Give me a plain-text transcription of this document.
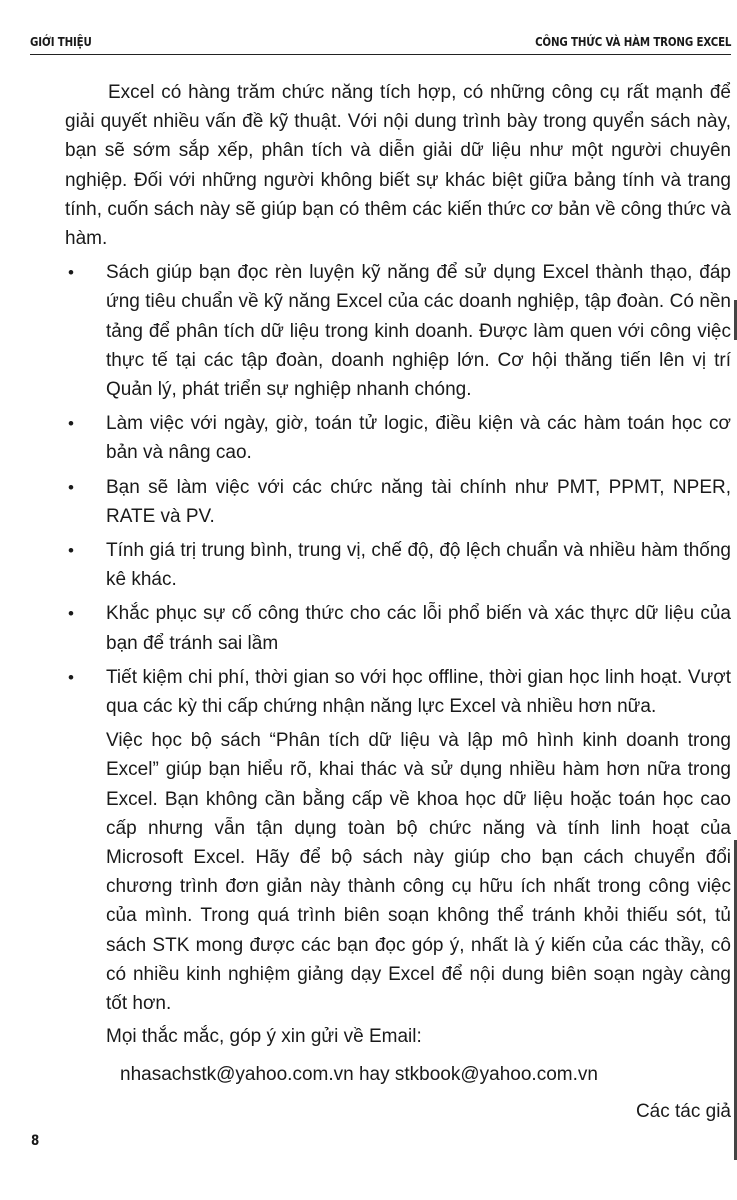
GIỚI THIỆU	CÔNG THỨC VÀ HÀM TRONG EXCEL

Excel có hàng trăm chức năng tích hợp, có những công cụ rất mạnh để giải quyết nhiều vấn đề kỹ thuật. Với nội dung trình bày trong quyển sách này, bạn sẽ sớm sắp xếp, phân tích và diễn giải dữ liệu như một người chuyên nghiệp. Đối với những người không biết sự khác biệt giữa bảng tính và trang tính, cuốn sách này sẽ giúp bạn có thêm các kiến thức cơ bản về công thức và hàm.

• Sách giúp bạn đọc rèn luyện kỹ năng để sử dụng Excel thành thạo, đáp ứng tiêu chuẩn về kỹ năng Excel của các doanh nghiệp, tập đoàn. Có nền tảng để phân tích dữ liệu trong kinh doanh. Được làm quen với công việc thực tế tại các tập đoàn, doanh nghiệp lớn. Cơ hội thăng tiến lên vị trí Quản lý, phát triển sự nghiệp nhanh chóng.
• Làm việc với ngày, giờ, toán tử logic, điều kiện và các hàm toán học cơ bản và nâng cao.
• Bạn sẽ làm việc với các chức năng tài chính như PMT, PPMT, NPER, RATE và PV.
• Tính giá trị trung bình, trung vị, chế độ, độ lệch chuẩn và nhiều hàm thống kê khác.
• Khắc phục sự cố công thức cho các lỗi phổ biến và xác thực dữ liệu của bạn để tránh sai lầm
• Tiết kiệm chi phí, thời gian so với học offline, thời gian học linh hoạt. Vượt qua các kỳ thi cấp chứng nhận năng lực Excel và nhiều hơn nữa.

Việc học bộ sách “Phân tích dữ liệu và lập mô hình kinh doanh trong Excel” giúp bạn hiểu rõ, khai thác và sử dụng nhiều hàm hơn nữa trong Excel. Bạn không cần bằng cấp về khoa học dữ liệu hoặc toán học cao cấp nhưng vẫn tận dụng toàn bộ chức năng và tính linh hoạt của Microsoft Excel. Hãy để bộ sách này giúp cho bạn cách chuyển đổi chương trình đơn giản này thành công cụ hữu ích nhất trong công việc của mình. Trong quá trình biên soạn không thể tránh khỏi thiếu sót, tủ sách STK mong được các bạn đọc góp ý, nhất là ý kiến của các thầy, cô có nhiều kinh nghiệm giảng dạy Excel để nội dung biên soạn ngày càng tốt hơn.

Mọi thắc mắc, góp ý xin gửi về Email:

nhasachstk@yahoo.com.vn hay stkbook@yahoo.com.vn

Các tác giả

8
